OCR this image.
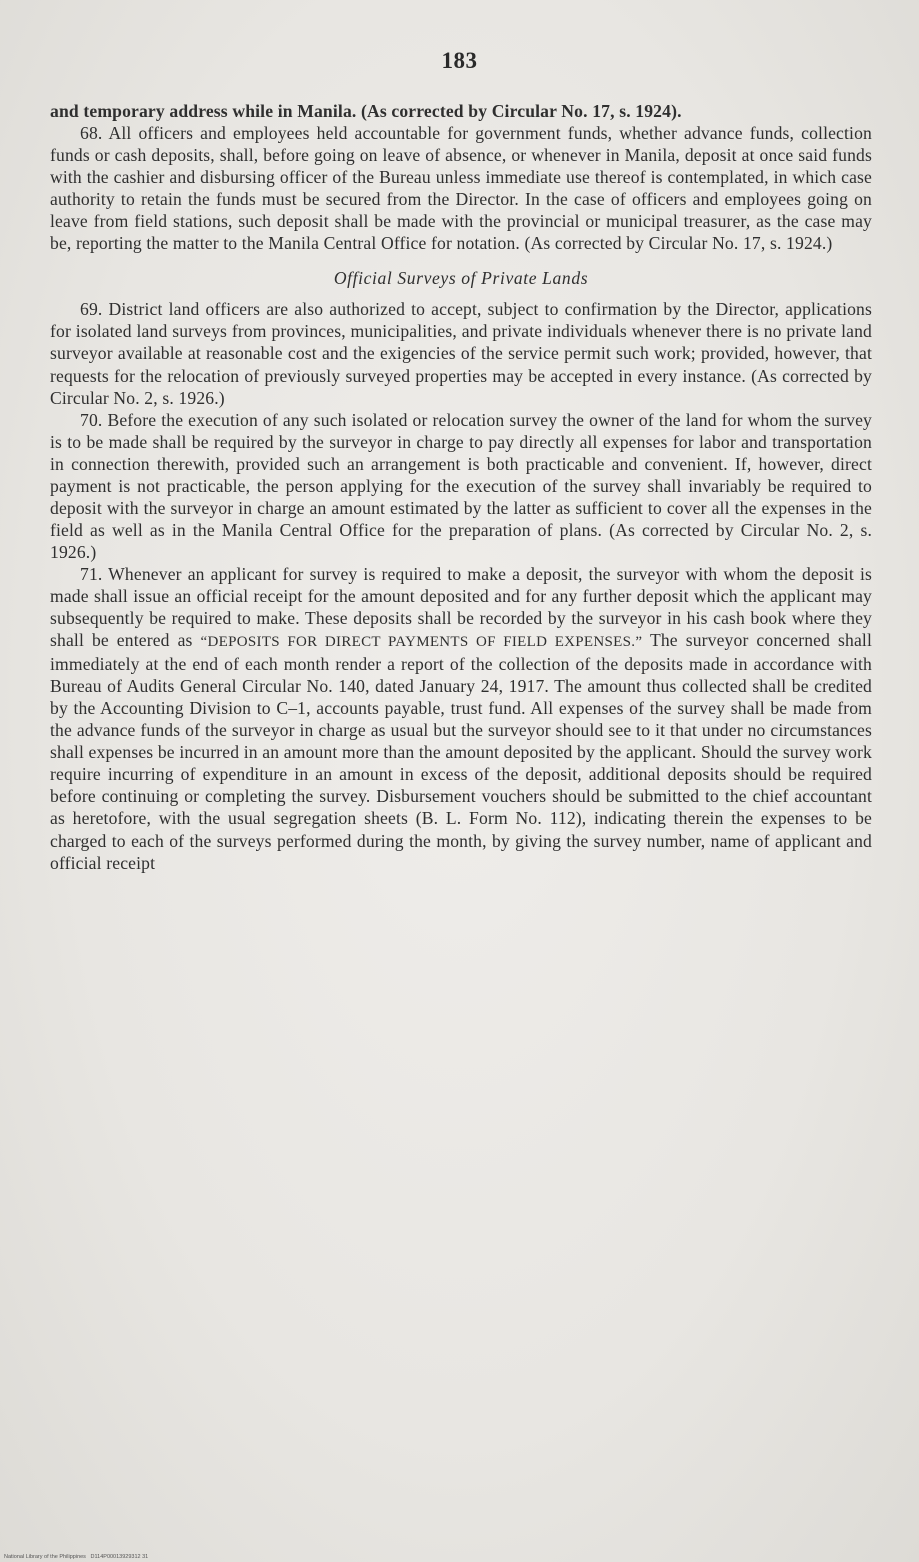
183

and temporary address while in Manila. (As corrected by Circular No. 17, s. 1924).

68. All officers and employees held accountable for government funds, whether advance funds, collection funds or cash deposits, shall, before going on leave of absence, or whenever in Manila, deposit at once said funds with the cashier and disbursing officer of the Bureau unless immediate use thereof is contemplated, in which case authority to retain the funds must be secured from the Director. In the case of officers and employees going on leave from field stations, such deposit shall be made with the provincial or municipal treasurer, as the case may be, reporting the matter to the Manila Central Office for notation. (As corrected by Circular No. 17, s. 1924.)

Official Surveys of Private Lands

69. District land officers are also authorized to accept, subject to confirmation by the Director, applications for isolated land surveys from provinces, municipalities, and private individuals whenever there is no private land surveyor available at reasonable cost and the exigencies of the service permit such work; provided, however, that requests for the relocation of previously surveyed properties may be accepted in every instance. (As corrected by Circular No. 2, s. 1926.)

70. Before the execution of any such isolated or relocation survey the owner of the land for whom the survey is to be made shall be required by the surveyor in charge to pay directly all expenses for labor and transportation in connection therewith, provided such an arrangement is both practicable and convenient. If, however, direct payment is not practicable, the person applying for the execution of the survey shall invariably be required to deposit with the surveyor in charge an amount estimated by the latter as sufficient to cover all the expenses in the field as well as in the Manila Central Office for the preparation of plans. (As corrected by Circular No. 2, s. 1926.)

71. Whenever an applicant for survey is required to make a deposit, the surveyor with whom the deposit is made shall issue an official receipt for the amount deposited and for any further deposit which the applicant may subsequently be required to make. These deposits shall be recorded by the surveyor in his cash book where they shall be entered as “DEPOSITS FOR DIRECT PAYMENTS OF FIELD EXPENSES.” The surveyor concerned shall immediately at the end of each month render a report of the collection of the deposits made in accordance with Bureau of Audits General Circular No. 140, dated January 24, 1917. The amount thus collected shall be credited by the Accounting Division to C–1, accounts payable, trust fund. All expenses of the survey shall be made from the advance funds of the surveyor in charge as usual but the surveyor should see to it that under no circumstances shall expenses be incurred in an amount more than the amount deposited by the applicant. Should the survey work require incurring of expenditure in an amount in excess of the deposit, additional deposits should be required before continuing or completing the survey. Disbursement vouchers should be submitted to the chief accountant as heretofore, with the usual segregation sheets (B. L. Form No. 112), indicating therein the expenses to be charged to each of the surveys performed during the month, by giving the survey number, name of applicant and official receipt

National Library of the Philippines D114P00013929312 31
